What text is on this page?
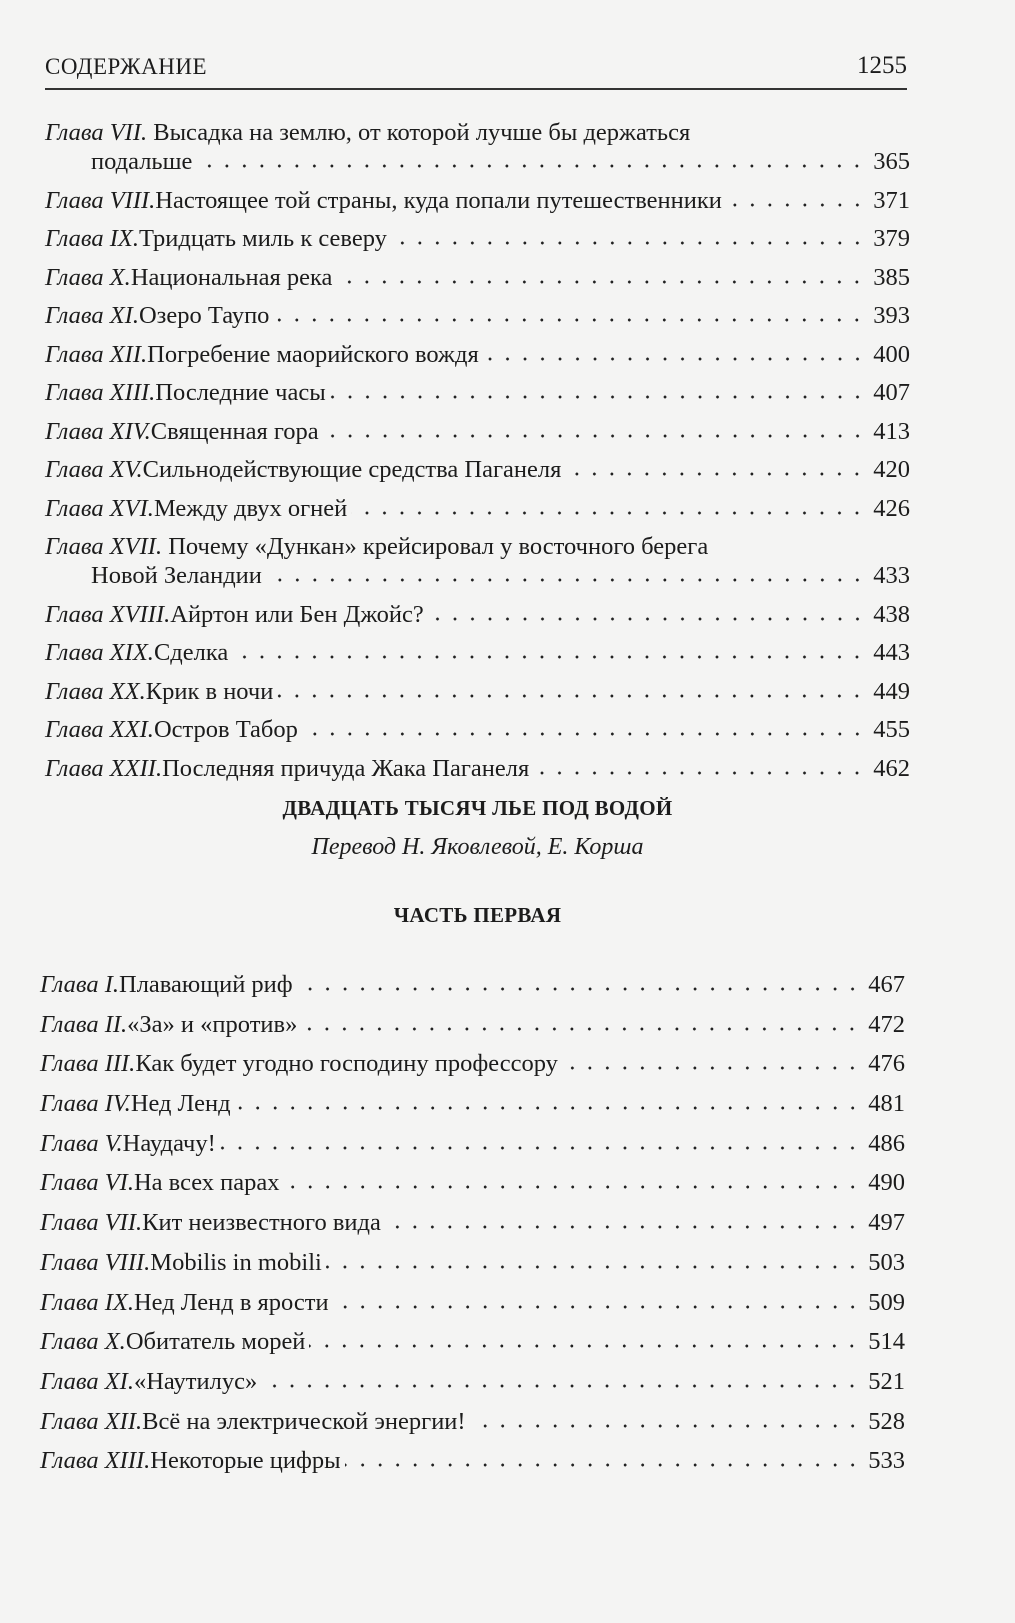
СОДЕРЖАНИЕ	1255
Глава VII. Высадка на землю, от которой лучше бы держаться
подальше	365
Глава VIII. Настоящее той страны, куда попали путешественники	371
Глава IX. Тридцать миль к северу	379
Глава X. Национальная река	385
Глава XI. Озеро Таупо	393
Глава XII. Погребение маорийского вождя	400
Глава XIII. Последние часы	407
Глава XIV. Священная гора	413
Глава XV. Сильнодействующие средства Паганеля	420
Глава XVI. Между двух огней	426
Глава XVII. Почему «Дункан» крейсировал у восточного берега
Новой Зеландии	433
Глава XVIII. Айртон или Бен Джойс?	438
Глава XIX. Сделка	443
Глава XX. Крик в ночи	449
Глава XXI. Остров Табор	455
Глава XXII. Последняя причуда Жака Паганеля	462
ДВАДЦАТЬ ТЫСЯЧ ЛЬЕ ПОД ВОДОЙ
Перевод Н. Яковлевой, Е. Корша
ЧАСТЬ ПЕРВАЯ
Глава I. Плавающий риф	467
Глава II. «За» и «против»	472
Глава III. Как будет угодно господину профессору	476
Глава IV. Нед Ленд	481
Глава V. Наудачу!	486
Глава VI. На всех парах	490
Глава VII. Кит неизвестного вида	497
Глава VIII. Mobilis in mobili	503
Глава IX. Нед Ленд в ярости	509
Глава X. Обитатель морей	514
Глава XI. «Наутилус»	521
Глава XII. Всё на электрической энергии!	528
Глава XIII. Некоторые цифры	533
